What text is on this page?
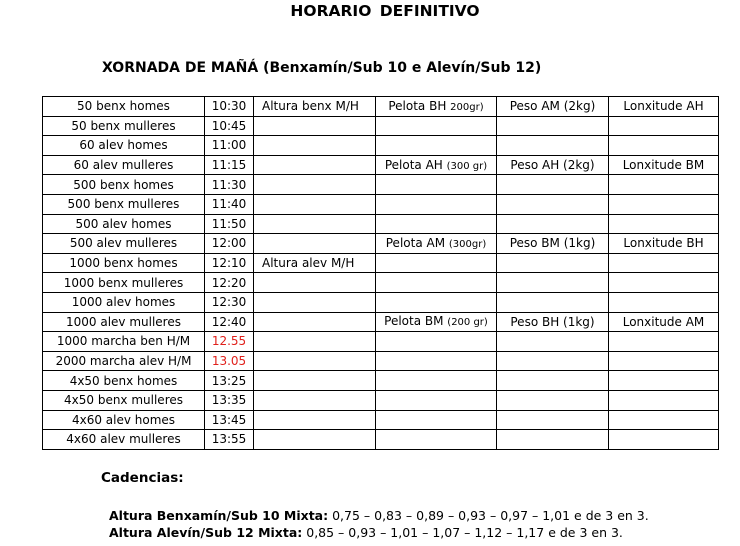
HORARIO DEFINITIVO
XORNADA DE MAÑÁ (Benxamín/Sub 10 e Alevín/Sub 12)
50 benx homes	10:30	Altura benx M/H	Pelota BH 200gr)	Peso AM (2kg)	Lonxitude AH
50 benx mulleres	10:45				
60 alev homes	11:00				
60 alev mulleres	11:15		Pelota AH (300 gr)	Peso AH (2kg)	Lonxitude BM
500 benx homes	11:30				
500 benx mulleres	11:40				
500 alev homes	11:50				
500 alev mulleres	12:00		Pelota AM (300gr)	Peso BM (1kg)	Lonxitude BH
1000 benx homes	12:10	Altura alev M/H			
1000 benx mulleres	12:20				
1000 alev homes	12:30				
1000 alev mulleres	12:40		Pelota BM (200 gr)	Peso BH (1kg)	Lonxitude AM
1000 marcha ben H/M	12.55				
2000 marcha alev H/M	13.05				
4x50 benx homes	13:25				
4x50 benx mulleres	13:35				
4x60 alev homes	13:45				
4x60 alev mulleres	13:55				
Cadencias:
Altura Benxamín/Sub 10 Mixta: 0,75 – 0,83 – 0,89 – 0,93 – 0,97 – 1,01 e de 3 en 3.
Altura Alevín/Sub 12 Mixta: 0,85 – 0,93 – 1,01 – 1,07 – 1,12 – 1,17 e de 3 en 3.
